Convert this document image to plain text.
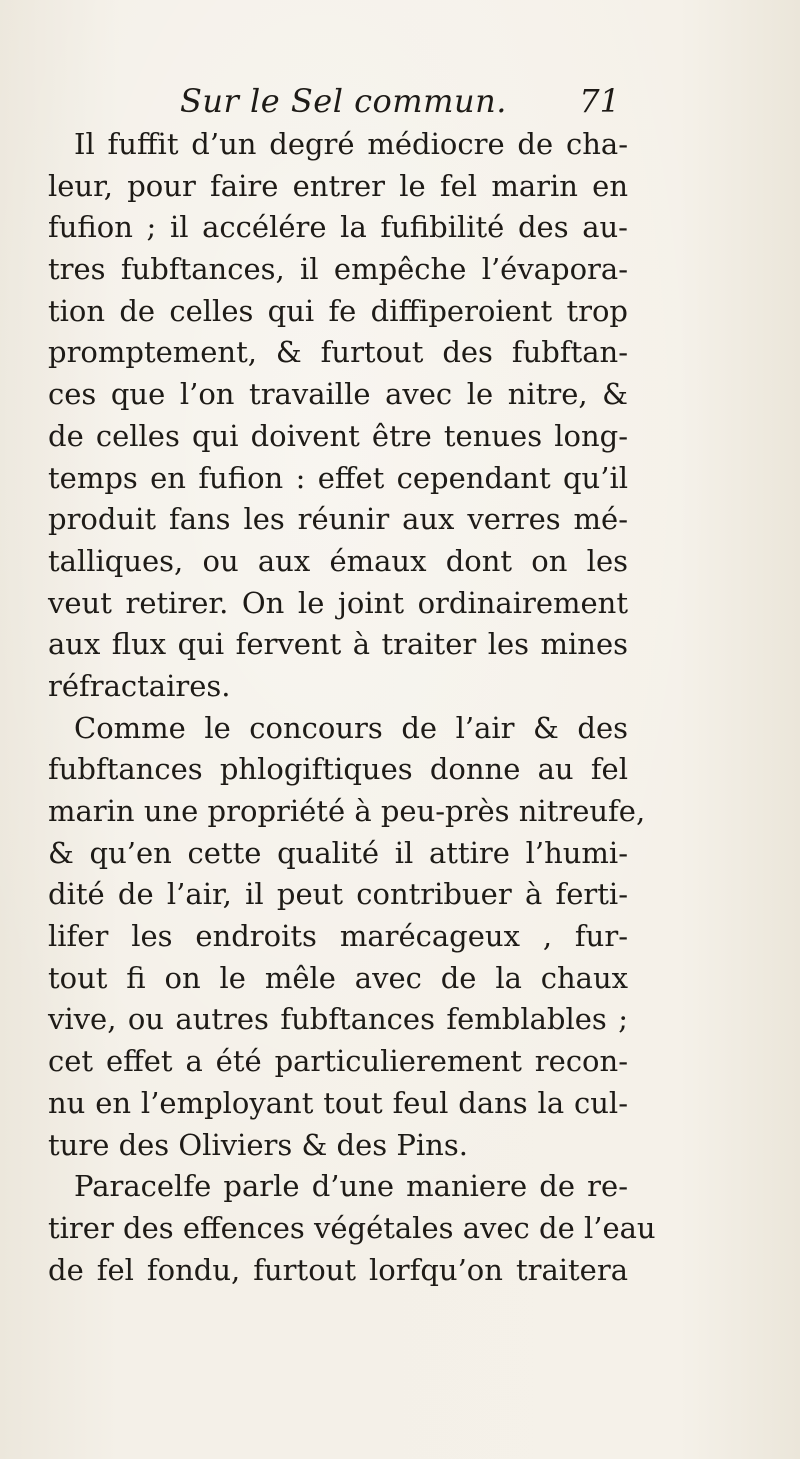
Sur le Sel commun. 71
Il fuffit d’un degré médiocre de cha-
leur, pour faire entrer le fel marin en
fufion ; il accélére la fufibilité des au-
tres fubftances, il empêche l’évapora-
tion de celles qui fe diffiperoient trop
promptement, & furtout des fubftan-
ces que l’on travaille avec le nitre, &
de celles qui doivent être tenues long-
temps en fufion : effet cependant qu’il
produit fans les réunir aux verres mé-
talliques, ou aux émaux dont on les
veut retirer. On le joint ordinairement
aux flux qui fervent à traiter les mines
réfractaires.
Comme le concours de l’air & des
fubftances phlogiftiques donne au fel
marin une propriété à peu-près nitreufe,
& qu’en cette qualité il attire l’humi-
dité de l’air, il peut contribuer à ferti-
lifer les endroits marécageux , fur-
tout fi on le mêle avec de la chaux
vive, ou autres fubftances femblables ;
cet effet a été particulierement recon-
nu en l’employant tout feul dans la cul-
ture des Oliviers & des Pins.
Paracelfe parle d’une maniere de re-
tirer des effences végétales avec de l’eau
de fel fondu, furtout lorfqu’on traitera
